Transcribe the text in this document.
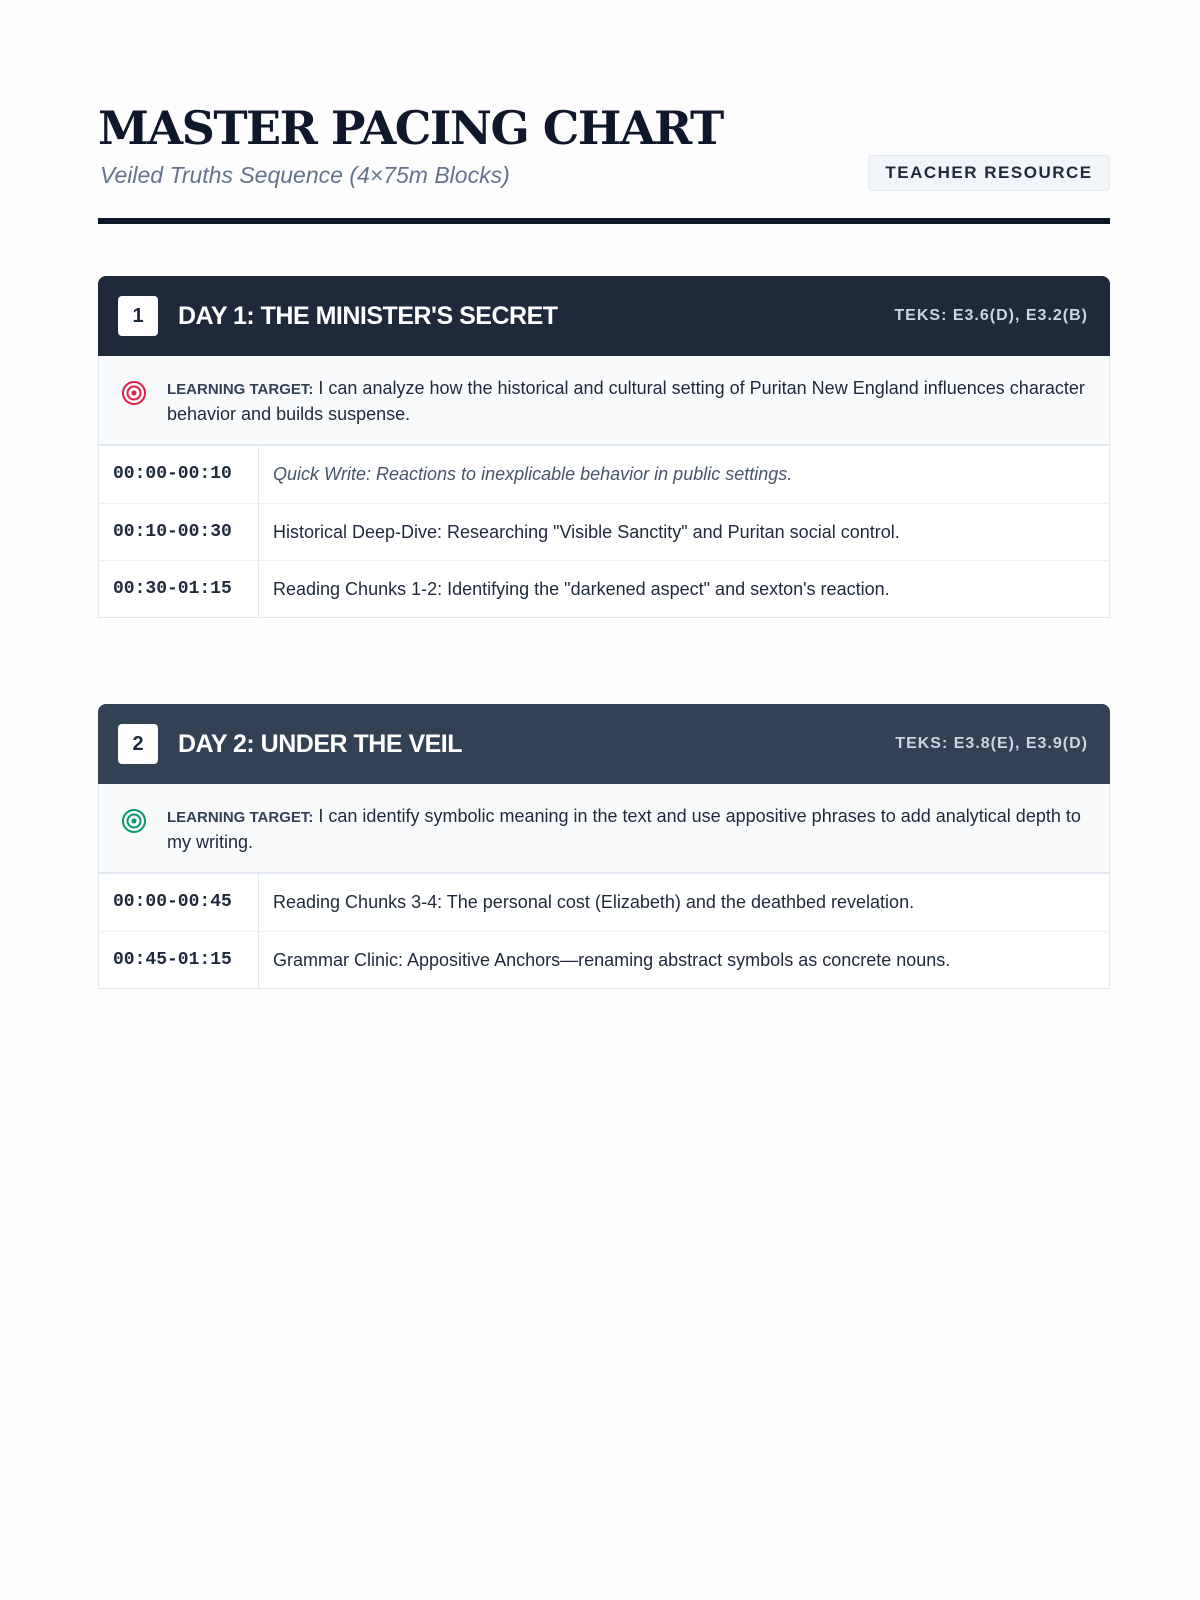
MASTER PACING CHART
Veiled Truths Sequence (4×75m Blocks)	TEACHER RESOURCE
1	DAY 1: THE MINISTER'S SECRET	TEKS: E3.6(D), E3.2(B)
LEARNING TARGET: I can analyze how the historical and cultural setting of Puritan New England influences character behavior and builds suspense.
00:00-00:10	Quick Write: Reactions to inexplicable behavior in public settings.
00:10-00:30	Historical Deep-Dive: Researching "Visible Sanctity" and Puritan social control.
00:30-01:15	Reading Chunks 1-2: Identifying the "darkened aspect" and sexton's reaction.
2	DAY 2: UNDER THE VEIL	TEKS: E3.8(E), E3.9(D)
LEARNING TARGET: I can identify symbolic meaning in the text and use appositive phrases to add analytical depth to my writing.
00:00-00:45	Reading Chunks 3-4: The personal cost (Elizabeth) and the deathbed revelation.
00:45-01:15	Grammar Clinic: Appositive Anchors—renaming abstract symbols as concrete nouns.
